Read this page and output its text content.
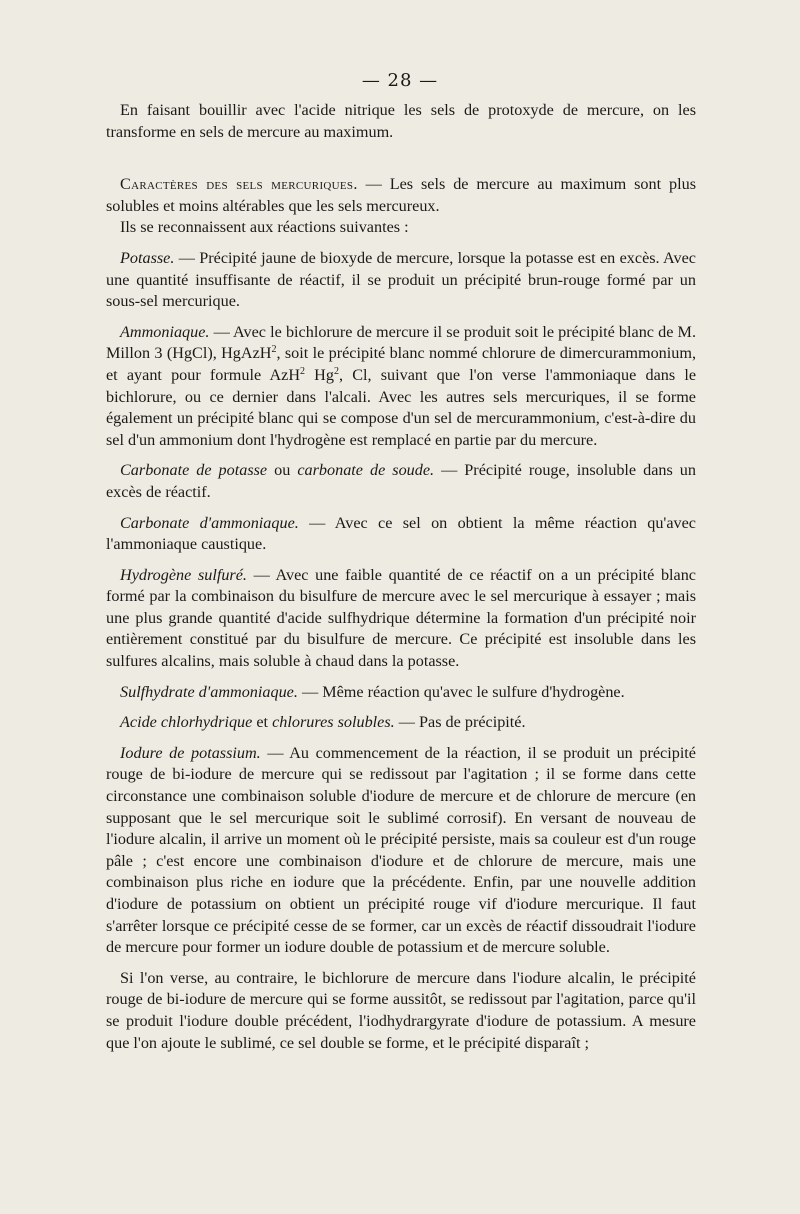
— 28 —

En faisant bouillir avec l'acide nitrique les sels de protoxyde de mercure, on les transforme en sels de mercure au maximum.

Caractères des sels mercuriques. — Les sels de mercure au maximum sont plus solubles et moins altérables que les sels mercureux.

Ils se reconnaissent aux réactions suivantes :

Potasse. — Précipité jaune de bioxyde de mercure, lorsque la potasse est en excès. Avec une quantité insuffisante de réactif, il se produit un précipité brun-rouge formé par un sous-sel mercurique.

Ammoniaque. — Avec le bichlorure de mercure il se produit soit le précipité blanc de M. Millon 3 (HgCl), HgAzH$^2$, soit le précipité blanc nommé chlorure de dimercurammonium, et ayant pour formule AzH$^2$ Hg$^2$, Cl, suivant que l'on verse l'ammoniaque dans le bichlorure, ou ce dernier dans l'alcali. Avec les autres sels mercuriques, il se forme également un précipité blanc qui se compose d'un sel de mercurammonium, c'est-à-dire du sel d'un ammonium dont l'hydrogène est remplacé en partie par du mercure.

Carbonate de potasse ou carbonate de soude. — Précipité rouge, insoluble dans un excès de réactif.

Carbonate d'ammoniaque. — Avec ce sel on obtient la même réaction qu'avec l'ammoniaque caustique.

Hydrogène sulfuré. — Avec une faible quantité de ce réactif on a un précipité blanc formé par la combinaison du bisulfure de mercure avec le sel mercurique à essayer ; mais une plus grande quantité d'acide sulfhydrique détermine la formation d'un précipité noir entièrement constitué par du bisulfure de mercure. Ce précipité est insoluble dans les sulfures alcalins, mais soluble à chaud dans la potasse.

Sulfhydrate d'ammoniaque. — Même réaction qu'avec le sulfure d'hydrogène.

Acide chlorhydrique et chlorures solubles. — Pas de précipité.

Iodure de potassium. — Au commencement de la réaction, il se produit un précipité rouge de bi-iodure de mercure qui se redissout par l'agitation ; il se forme dans cette circonstance une combinaison soluble d'iodure de mercure et de chlorure de mercure (en supposant que le sel mercurique soit le sublimé corrosif). En versant de nouveau de l'iodure alcalin, il arrive un moment où le précipité persiste, mais sa couleur est d'un rouge pâle ; c'est encore une combinaison d'iodure et de chlorure de mercure, mais une combinaison plus riche en iodure que la précédente. Enfin, par une nouvelle addition d'iodure de potassium on obtient un précipité rouge vif d'iodure mercurique. Il faut s'arrêter lorsque ce précipité cesse de se former, car un excès de réactif dissoudrait l'iodure de mercure pour former un iodure double de potassium et de mercure soluble.

Si l'on verse, au contraire, le bichlorure de mercure dans l'iodure alcalin, le précipité rouge de bi-iodure de mercure qui se forme aussitôt, se redissout par l'agitation, parce qu'il se produit l'iodure double précédent, l'iodhydrargyrate d'iodure de potassium. A mesure que l'on ajoute le sublimé, ce sel double se forme, et le précipité disparaît ;
